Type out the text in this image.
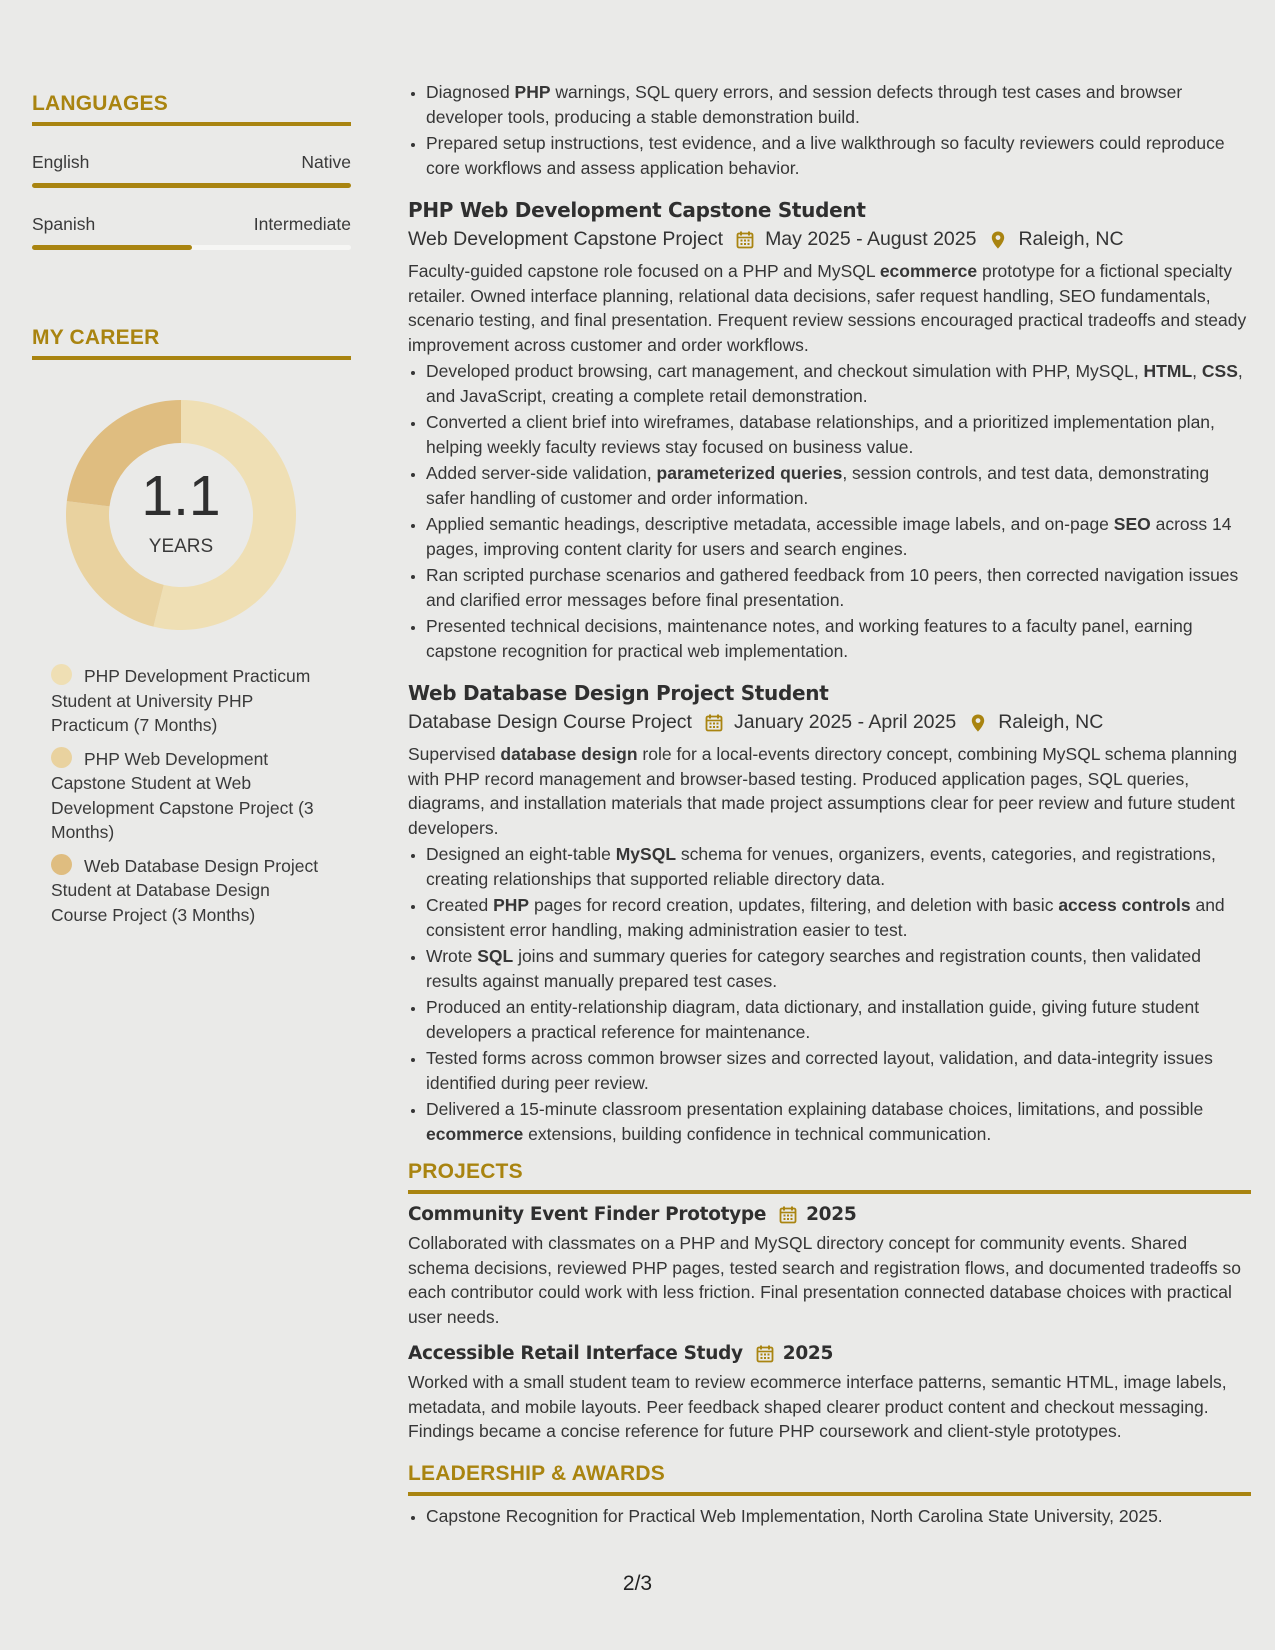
LANGUAGES
English	Native
Spanish	Intermediate
MY CAREER
1.1
YEARS
PHP Development Practicum Student at University PHP Practicum (7 Months)
PHP Web Development Capstone Student at Web Development Capstone Project (3 Months)
Web Database Design Project Student at Database Design Course Project (3 Months)
• Diagnosed PHP warnings, SQL query errors, and session defects through test cases and browser developer tools, producing a stable demonstration build.
• Prepared setup instructions, test evidence, and a live walkthrough so faculty reviewers could reproduce core workflows and assess application behavior.
PHP Web Development Capstone Student
Web Development Capstone Project May 2025 - August 2025 Raleigh, NC

Faculty-guided capstone role focused on a PHP and MySQL ecommerce prototype for a fictional specialty retailer. Owned interface planning, relational data decisions, safer request handling, SEO fundamentals, scenario testing, and final presentation. Frequent review sessions encouraged practical tradeoffs and steady improvement across customer and order workflows.

• Developed product browsing, cart management, and checkout simulation with PHP, MySQL, HTML, CSS, and JavaScript, creating a complete retail demonstration.
• Converted a client brief into wireframes, database relationships, and a prioritized implementation plan, helping weekly faculty reviews stay focused on business value.
• Added server-side validation, parameterized queries, session controls, and test data, demonstrating safer handling of customer and order information.
• Applied semantic headings, descriptive metadata, accessible image labels, and on-page SEO across 14 pages, improving content clarity for users and search engines.
• Ran scripted purchase scenarios and gathered feedback from 10 peers, then corrected navigation issues and clarified error messages before final presentation.
• Presented technical decisions, maintenance notes, and working features to a faculty panel, earning capstone recognition for practical web implementation.
Web Database Design Project Student
Database Design Course Project January 2025 - April 2025 Raleigh, NC

Supervised database design role for a local-events directory concept, combining MySQL schema planning with PHP record management and browser-based testing. Produced application pages, SQL queries, diagrams, and installation materials that made project assumptions clear for peer review and future student developers.

• Designed an eight-table MySQL schema for venues, organizers, events, categories, and registrations, creating relationships that supported reliable directory data.
• Created PHP pages for record creation, updates, filtering, and deletion with basic access controls and consistent error handling, making administration easier to test.
• Wrote SQL joins and summary queries for category searches and registration counts, then validated results against manually prepared test cases.
• Produced an entity-relationship diagram, data dictionary, and installation guide, giving future student developers a practical reference for maintenance.
• Tested forms across common browser sizes and corrected layout, validation, and data-integrity issues identified during peer review.
• Delivered a 15-minute classroom presentation explaining database choices, limitations, and possible ecommerce extensions, building confidence in technical communication.
PROJECTS
Community Event Finder Prototype 2025

Collaborated with classmates on a PHP and MySQL directory concept for community events. Shared schema decisions, reviewed PHP pages, tested search and registration flows, and documented tradeoffs so each contributor could work with less friction. Final presentation connected database choices with practical user needs.

Accessible Retail Interface Study 2025

Worked with a small student team to review ecommerce interface patterns, semantic HTML, image labels, metadata, and mobile layouts. Peer feedback shaped clearer product content and checkout messaging. Findings became a concise reference for future PHP coursework and client-style prototypes.

LEADERSHIP & AWARDS
• Capstone Recognition for Practical Web Implementation, North Carolina State University, 2025.
2/3
